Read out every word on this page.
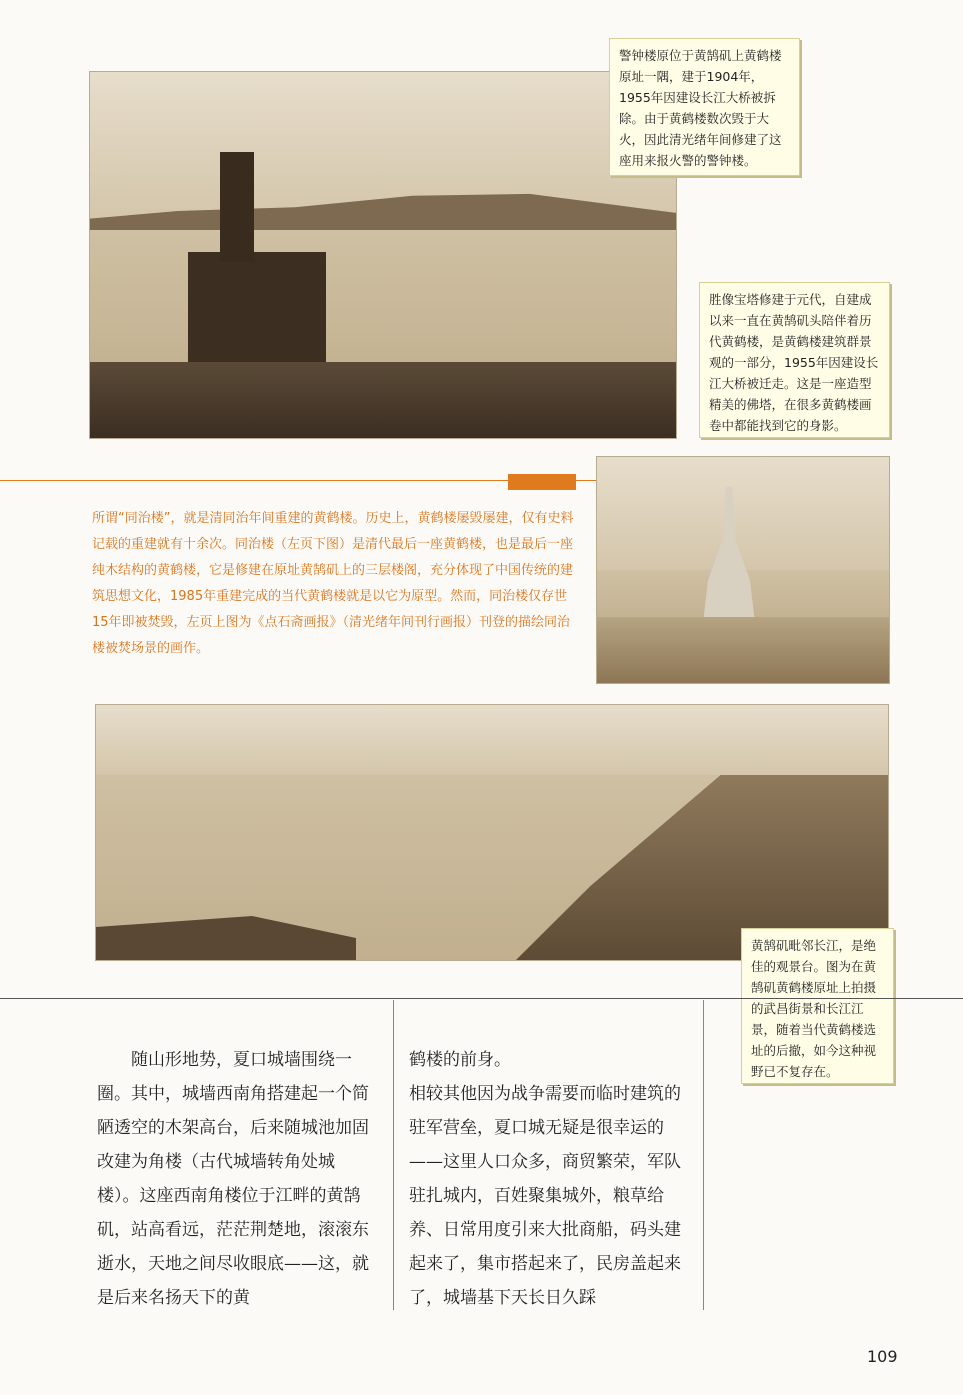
警钟楼原位于黄鹄矶上黄鹤楼原址一隅，建于1904年，1955年因建设长江大桥被拆除。由于黄鹤楼数次毁于大火，因此清光绪年间修建了这座用来报火警的警钟楼。
胜像宝塔修建于元代，自建成以来一直在黄鹄矶头陪伴着历代黄鹤楼，是黄鹤楼建筑群景观的一部分，1955年因建设长江大桥被迁走。这是一座造型精美的佛塔，在很多黄鹤楼画卷中都能找到它的身影。
所谓“同治楼”，就是清同治年间重建的黄鹤楼。历史上，黄鹤楼屡毁屡建，仅有史料记载的重建就有十余次。同治楼（左页下图）是清代最后一座黄鹤楼，也是最后一座纯木结构的黄鹤楼，它是修建在原址黄鹄矶上的三层楼阁，充分体现了中国传统的建筑思想文化，1985年重建完成的当代黄鹤楼就是以它为原型。然而，同治楼仅存世15年即被焚毁，左页上图为《点石斋画报》（清光绪年间刊行画报）刊登的描绘同治楼被焚场景的画作。
黄鹄矶毗邻长江，是绝佳的观景台。图为在黄鹄矶黄鹤楼原址上拍摄的武昌街景和长江江景，随着当代黄鹤楼选址的后撤，如今这种视野已不复存在。
随山形地势，夏口城墙围绕一圈。其中，城墙西南角搭建起一个简陋透空的木架高台，后来随城池加固改建为角楼（古代城墙转角处城楼）。这座西南角楼位于江畔的黄鹄矶，站高看远，茫茫荆楚地，滚滚东逝水，天地之间尽收眼底——这，就是后来名扬天下的黄
鹤楼的前身。
相较其他因为战争需要而临时建筑的驻军营垒，夏口城无疑是很幸运的——这里人口众多，商贸繁荣，军队驻扎城内，百姓聚集城外，粮草给养、日常用度引来大批商船，码头建起来了，集市搭起来了，民房盖起来了，城墙基下天长日久踩
109
